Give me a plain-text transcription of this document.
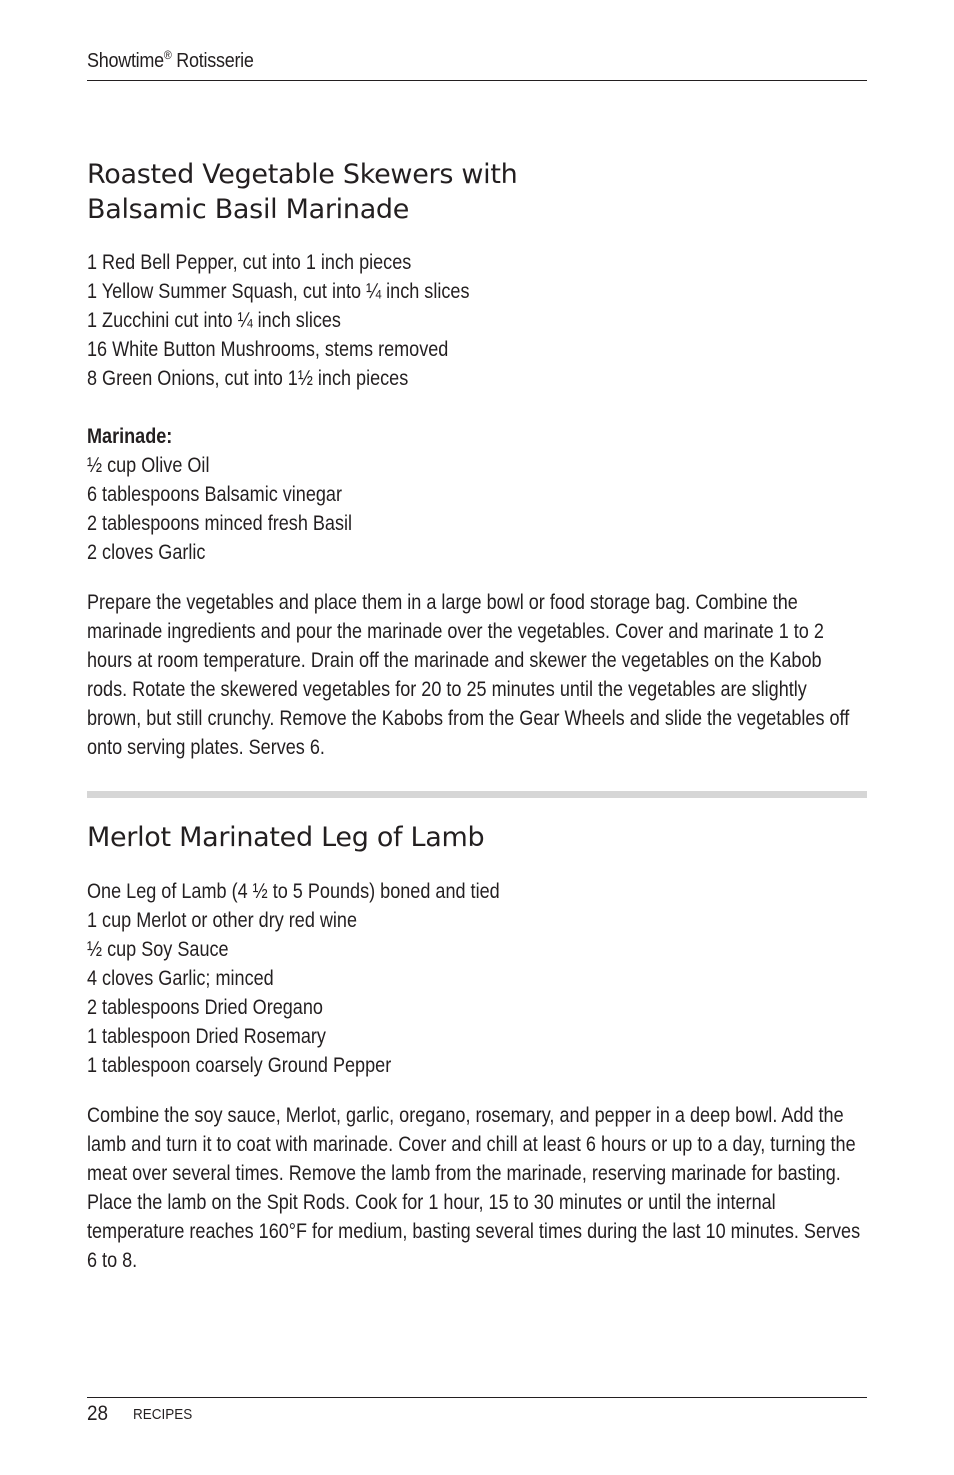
Showtime® Rotisserie
Roasted Vegetable Skewers with
Balsamic Basil Marinade
1 Red Bell Pepper, cut into 1 inch pieces
1 Yellow Summer Squash, cut into ¼ inch slices
1 Zucchini cut into ¼ inch slices
16 White Button Mushrooms, stems removed
8 Green Onions, cut into 1½ inch pieces
Marinade:
½ cup Olive Oil
6 tablespoons Balsamic vinegar
2 tablespoons minced fresh Basil
2 cloves Garlic

Prepare the vegetables and place them in a large bowl or food storage bag. Combine the marinade ingredients and pour the marinade over the vegetables. Cover and marinate 1 to 2 hours at room temperature. Drain off the marinade and skewer the vegetables on the Kabob rods. Rotate the skewered vegetables for 20 to 25 minutes until the vegetables are slightly brown, but still crunchy. Remove the Kabobs from the Gear Wheels and slide the vegetables off onto serving plates. Serves 6.

Merlot Marinated Leg of Lamb
One Leg of Lamb (4 ½ to 5 Pounds) boned and tied
1 cup Merlot or other dry red wine
½ cup Soy Sauce
4 cloves Garlic; minced
2 tablespoons Dried Oregano
1 tablespoon Dried Rosemary
1 tablespoon coarsely Ground Pepper

Combine the soy sauce, Merlot, garlic, oregano, rosemary, and pepper in a deep bowl. Add the lamb and turn it to coat with marinade. Cover and chill at least 6 hours or up to a day, turning the meat over several times. Remove the lamb from the marinade, reserving marinade for basting. Place the lamb on the Spit Rods. Cook for 1 hour, 15 to 30 minutes or until the internal temperature reaches 160°F for medium, basting several times during the last 10 minutes. Serves 6 to 8.

28 RECIPES
